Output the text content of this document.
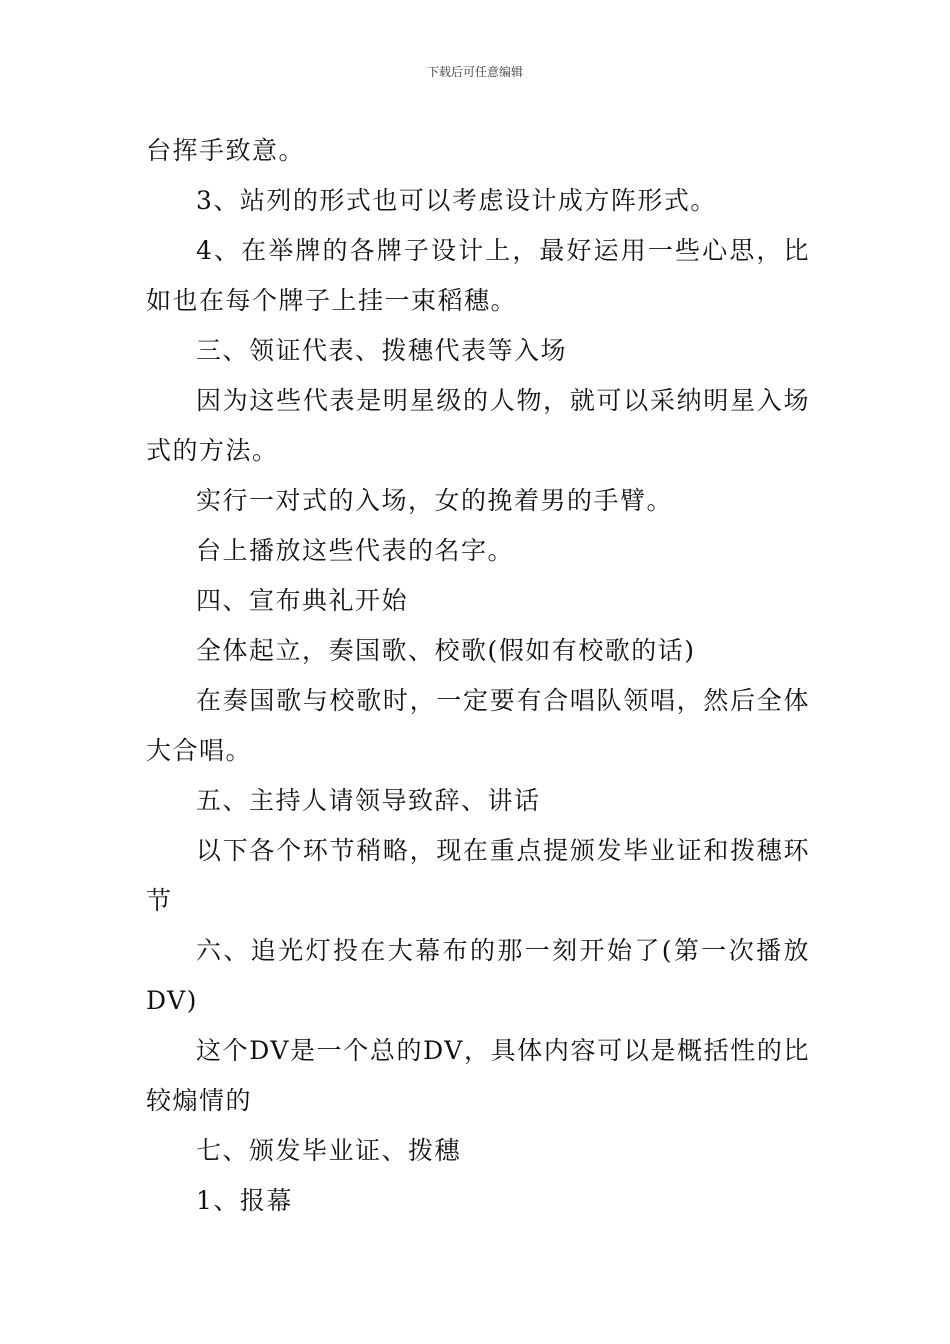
下载后可任意编辑

台挥手致意。

3、站列的形式也可以考虑设计成方阵形式。

4、在举牌的各牌子设计上，最好运用一些心思，比如也在每个牌子上挂一束稻穗。

三、领证代表、拨穗代表等入场

因为这些代表是明星级的人物，就可以采纳明星入场式的方法。

实行一对式的入场，女的挽着男的手臂。

台上播放这些代表的名字。

四、宣布典礼开始

全体起立，奏国歌、校歌(假如有校歌的话)

在奏国歌与校歌时，一定要有合唱队领唱，然后全体大合唱。

五、主持人请领导致辞、讲话

以下各个环节稍略，现在重点提颁发毕业证和拨穗环节

六、追光灯投在大幕布的那一刻开始了(第一次播放DV)

这个DV是一个总的DV，具体内容可以是概括性的比较煽情的

七、颁发毕业证、拨穗

1、报幕
